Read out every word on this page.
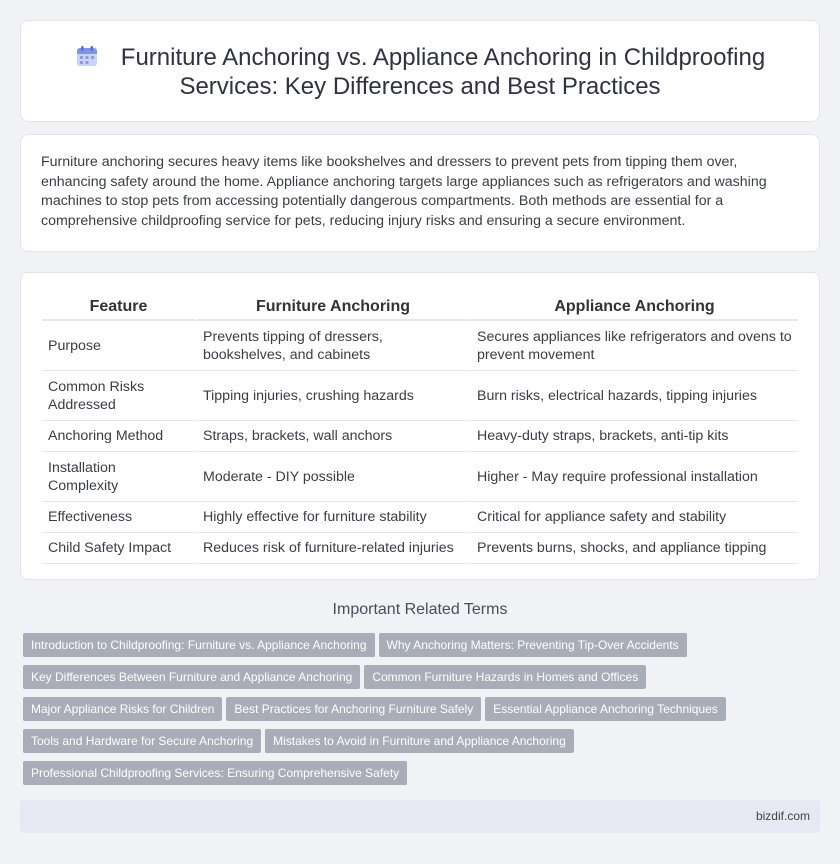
Furniture Anchoring vs. Appliance Anchoring in Childproofing
Services: Key Differences and Best Practices

Furniture anchoring secures heavy items like bookshelves and dressers to prevent pets from tipping them over, enhancing safety around the home. Appliance anchoring targets large appliances such as refrigerators and washing machines to stop pets from accessing potentially dangerous compartments. Both methods are essential for a comprehensive childproofing service for pets, reducing injury risks and ensuring a secure environment.

Feature	Furniture Anchoring	Appliance Anchoring
Purpose	Prevents tipping of dressers, bookshelves, and cabinets	Secures appliances like refrigerators and ovens to prevent movement
Common Risks Addressed	Tipping injuries, crushing hazards	Burn risks, electrical hazards, tipping injuries
Anchoring Method	Straps, brackets, wall anchors	Heavy-duty straps, brackets, anti-tip kits
Installation Complexity	Moderate - DIY possible	Higher - May require professional installation
Effectiveness	Highly effective for furniture stability	Critical for appliance safety and stability
Child Safety Impact	Reduces risk of furniture-related injuries	Prevents burns, shocks, and appliance tipping
Important Related Terms
Introduction to Childproofing: Furniture vs. Appliance Anchoring Why Anchoring Matters: Preventing Tip-Over Accidents
Key Differences Between Furniture and Appliance Anchoring Common Furniture Hazards in Homes and Offices
Major Appliance Risks for Children Best Practices for Anchoring Furniture Safely Essential Appliance Anchoring Techniques
Tools and Hardware for Secure Anchoring Mistakes to Avoid in Furniture and Appliance Anchoring
Professional Childproofing Services: Ensuring Comprehensive Safety
bizdif.com
